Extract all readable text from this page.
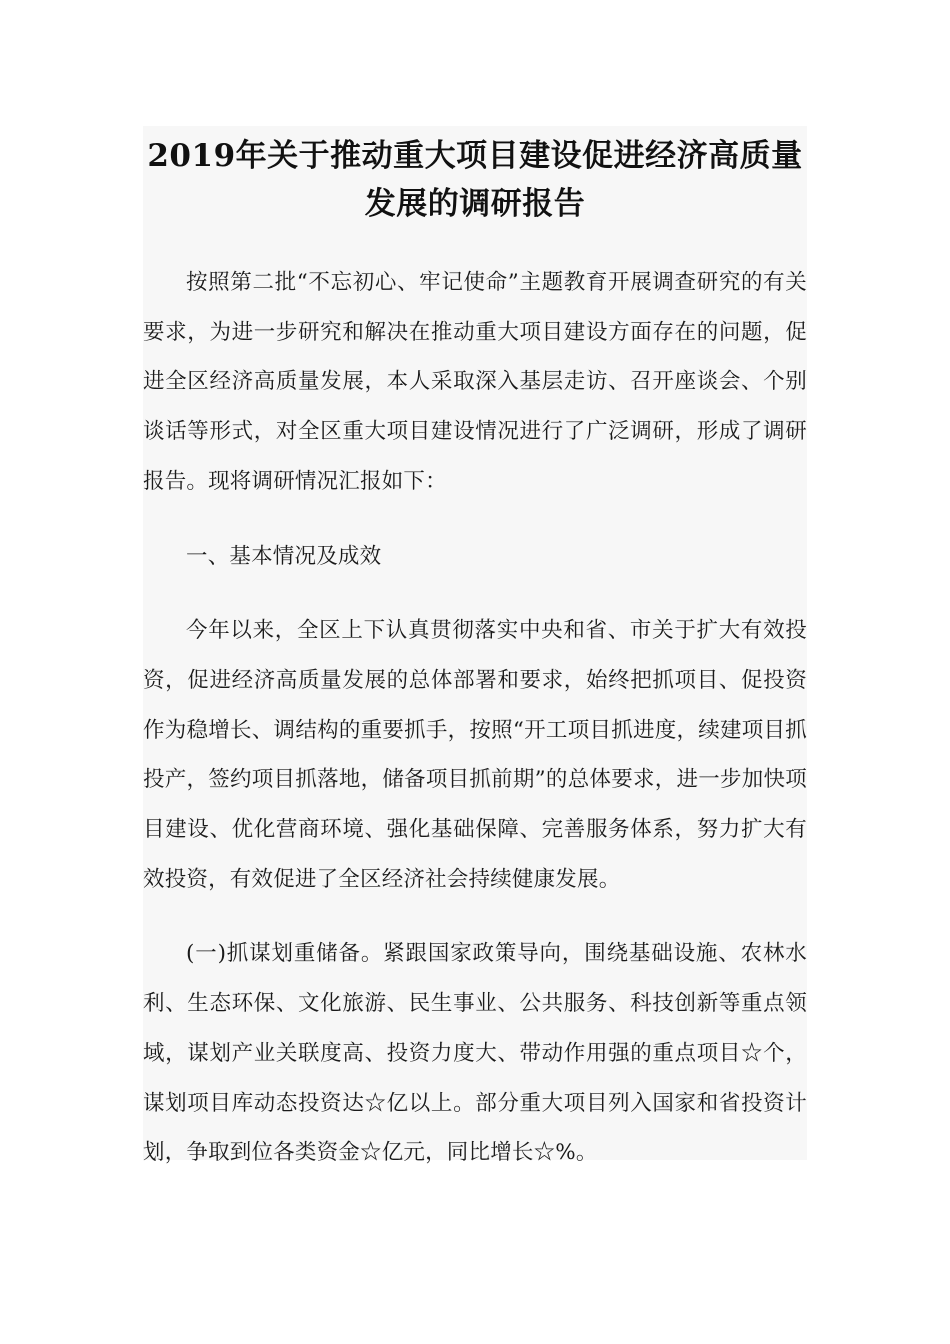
2019年关于推动重大项目建设促进经济高质量
发展的调研报告

按照第二批“不忘初心、牢记使命”主题教育开展调查研究的有关要求，为进一步研究和解决在推动重大项目建设方面存在的问题，促进全区经济高质量发展，本人采取深入基层走访、召开座谈会、个别谈话等形式，对全区重大项目建设情况进行了广泛调研，形成了调研报告。现将调研情况汇报如下：

一、基本情况及成效

今年以来，全区上下认真贯彻落实中央和省、市关于扩大有效投资，促进经济高质量发展的总体部署和要求，始终把抓项目、促投资作为稳增长、调结构的重要抓手，按照“开工项目抓进度，续建项目抓投产，签约项目抓落地，储备项目抓前期”的总体要求，进一步加快项目建设、优化营商环境、强化基础保障、完善服务体系，努力扩大有效投资，有效促进了全区经济社会持续健康发展。

(一)抓谋划重储备。紧跟国家政策导向，围绕基础设施、农林水利、生态环保、文化旅游、民生事业、公共服务、科技创新等重点领域，谋划产业关联度高、投资力度大、带动作用强的重点项目☆个，谋划项目库动态投资达☆亿以上。部分重大项目列入国家和省投资计划，争取到位各类资金☆亿元，同比增长☆%。
